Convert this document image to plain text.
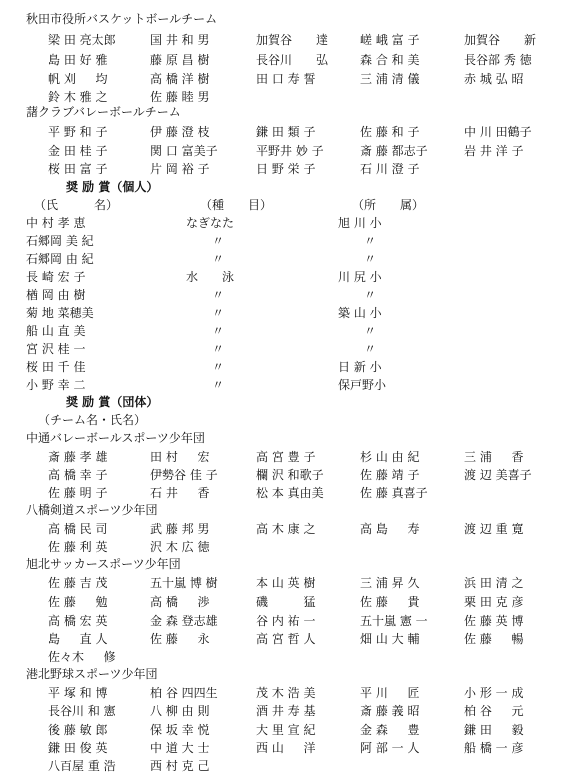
秋田市役所バスケットボールチーム
梁 田 亮太郎	国 井 和 男	加賀谷　　達	嵯 峨 富 子	加賀谷　　新
島 田 好 雅	藤 原 昌 樹	長谷川　　弘	森 合 和 美	長谷部 秀 徳
帆 刈 　 均	高 橋 洋 樹	田 口 寿 誓	三 浦 清 儀	赤 城 弘 昭
鈴 木 雅 之	佐 藤 睦 男
藷クラブバレーボールチーム
平 野 和 子	伊 藤 澄 枝	鎌 田 類 子	佐 藤 和 子	中 川 田鶴子
金 田 桂 子	関 口 富美子	平野井 妙 子	斎 藤 都志子	岩 井 洋 子
桜 田 富 子	片 岡 裕 子	日 野 栄 子	石 川 澄 子
奨 励 賞（個人）
（氏　　　名）	（種　　目）	（所　　属）
中 村 孝 恵	なぎなた	旭 川 小
石郷岡 美 紀	〃	〃
石郷岡 由 紀	〃	〃
長 崎 宏 子	水　　泳	川 尻 小
楢 岡 由 樹	〃	〃
菊 地 菜穂美	〃	築 山 小
船 山 直 美	〃	〃
宮 沢 桂 一	〃	〃
桜 田 千 佳	〃	日 新 小
小 野 幸 二	〃	保戸野小
奨 励 賞（団体）
（チーム名・氏名）
中通バレーボールスポーツ少年団
斎 藤 孝 雄	田 村 　 宏	高 宮 豊 子	杉 山 由 紀	三 浦 　 香
高 橋 幸 子	伊勢谷 佳 子	欄 沢 和歌子	佐 藤 靖 子	渡 辺 美喜子
佐 藤 明 子	石 井 　 香	松 本 真由美	佐 藤 真喜子
八橋剣道スポーツ少年団
高 橋 民 司	武 藤 邦 男	高 木 康 之	高 島 　 寿	渡 辺 重 寛
佐 藤 利 英	沢 木 広 徳
旭北サッカースポーツ少年団
佐 藤 吉 茂	五十嵐 博 樹	本 山 英 樹	三 浦 昇 久	浜 田 清 之
佐 藤 　 勉	高 橋 　 渉	磯 　 　 猛	佐 藤 　 貴	栗 田 克 彦
高 橋 宏 英	金 森 登志雄	谷 内 祐 一	五十嵐 憲 一	佐 藤 英 博
島 　 直 人	佐 藤 　 永	高 宮 哲 人	畑 山 大 輔	佐 藤 　 暢
佐々木 　 修
港北野球スポーツ少年団
平 塚 和 博	柏 谷 四四生	茂 木 浩 美	平 川 　 匠	小 形 一 成
長谷川 和 憲	八 柳 由 則	酒 井 寿 基	斎 藤 義 昭	柏 谷 　 元
後 藤 敏 郎	保 坂 幸 悦	大 里 宣 紀	金 森 　 豊	鎌 田 　 毅
鎌 田 俊 英	中 道 大 士	西 山 　 洋	阿 部 一 人	船 橋 一 彦
八百屋 重 浩	西 村 克 己
